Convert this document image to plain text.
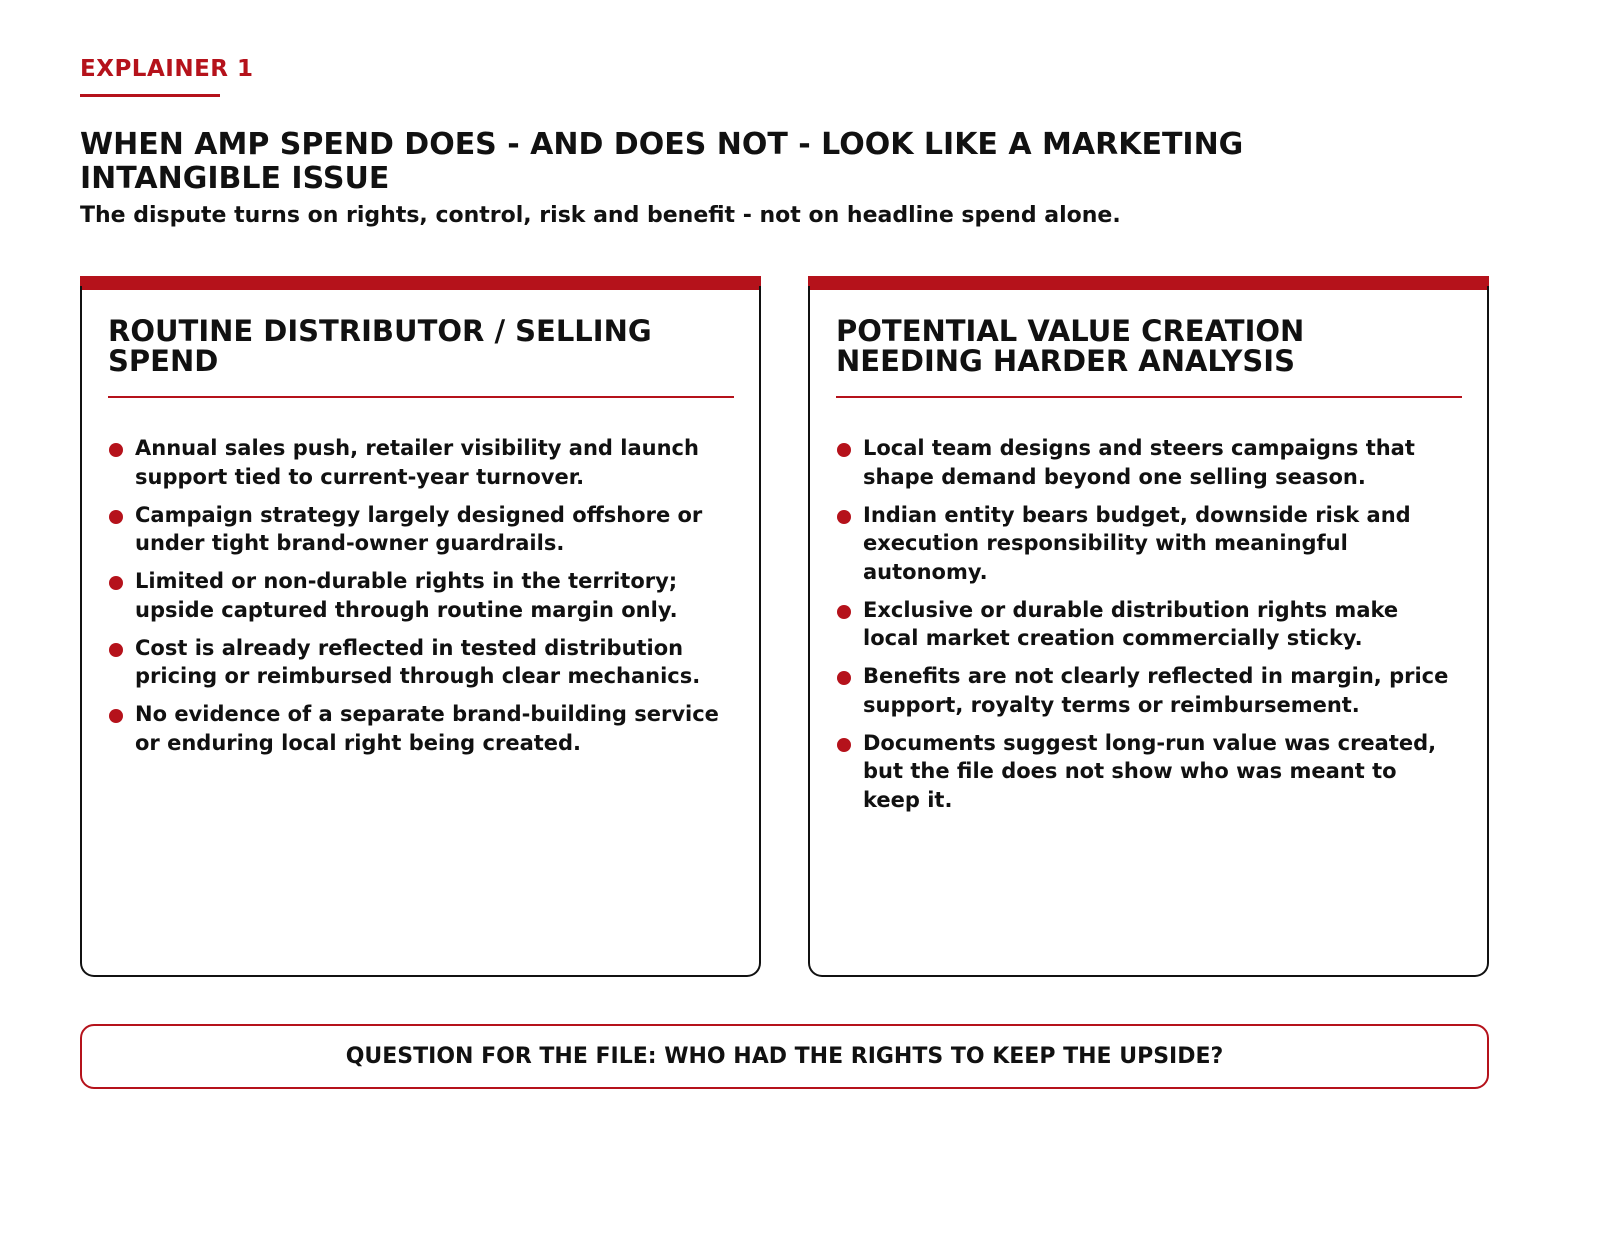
EXPLAINER 1
WHEN AMP SPEND DOES - AND DOES NOT - LOOK LIKE A MARKETING INTANGIBLE ISSUE

The dispute turns on rights, control, risk and benefit - not on headline spend alone.

ROUTINE DISTRIBUTOR / SELLING SPEND
Annual sales push, retailer visibility and launch support tied to current-year turnover.
Campaign strategy largely designed offshore or under tight brand-owner guardrails.
Limited or non-durable rights in the territory; upside captured through routine margin only.
Cost is already reflected in tested distribution pricing or reimbursed through clear mechanics.
No evidence of a separate brand-building service or enduring local right being created.
POTENTIAL VALUE CREATION NEEDING HARDER ANALYSIS
Local team designs and steers campaigns that shape demand beyond one selling season.
Indian entity bears budget, downside risk and execution responsibility with meaningful autonomy.
Exclusive or durable distribution rights make local market creation commercially sticky.
Benefits are not clearly reflected in margin, price support, royalty terms or reimbursement.
Documents suggest long-run value was created, but the file does not show who was meant to keep it.
QUESTION FOR THE FILE: WHO HAD THE RIGHTS TO KEEP THE UPSIDE?
